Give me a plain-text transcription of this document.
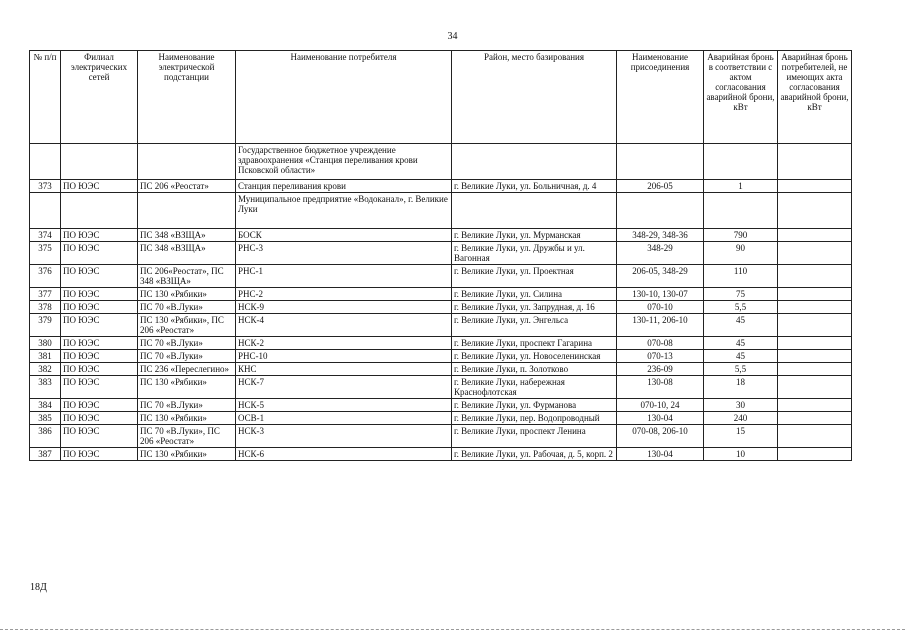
34
№ п/п	Филиал электрических сетей	Наименование электрической подстанции	Наименование потребителя	Район, место базирования	Наименование присоединения	Аварийная бронь в соответствии с актом согласования аварийной брони, кВт	Аварийная бронь потребителей, не имеющих акта согласования аварийной брони, кВт
			Государственное бюджетное учреждение здравоохранения «Станция переливания крови Псковской области»				
373	ПО ЮЭС	ПС 206 «Реостат»	Станция переливания крови	г. Великие Луки, ул. Больничная, д. 4	206-05	1	
			Муниципальное предприятие «Водоканал», г. Великие Луки				
374	ПО ЮЭС	ПС 348 «ВЗЩА»	БОСК	г. Великие Луки, ул. Мурманская	348-29, 348-36	790	
375	ПО ЮЭС	ПС 348 «ВЗЩА»	РНС-3	г. Великие Луки, ул. Дружбы и ул. Вагонная	348-29	90	
376	ПО ЮЭС	ПС 206«Реостат», ПС 348 «ВЗЩА»	РНС-1	г. Великие Луки, ул. Проектная	206-05, 348-29	110	
377	ПО ЮЭС	ПС 130 «Рябики»	РНС-2	г. Великие Луки, ул. Силина	130-10, 130-07	75	
378	ПО ЮЭС	ПС 70 «В.Луки»	НСК-9	г. Великие Луки, ул. Запрудная, д. 16	070-10	5,5	
379	ПО ЮЭС	ПС 130 «Рябики», ПС 206 «Реостат»	НСК-4	г. Великие Луки, ул. Энгельса	130-11, 206-10	45	
380	ПО ЮЭС	ПС 70 «В.Луки»	НСК-2	г. Великие Луки, проспект Гагарина	070-08	45	
381	ПО ЮЭС	ПС 70 «В.Луки»	РНС-10	г. Великие Луки, ул. Новоселенинская	070-13	45	
382	ПО ЮЭС	ПС 236 «Переслегино»	КНС	г. Великие Луки, п. Золотково	236-09	5,5	
383	ПО ЮЭС	ПС 130 «Рябики»	НСК-7	г. Великие Луки, набережная Краснофлотская	130-08	18	
384	ПО ЮЭС	ПС 70 «В.Луки»	НСК-5	г. Великие Луки, ул. Фурманова	070-10, 24	30	
385	ПО ЮЭС	ПС 130 «Рябики»	ОСВ-1	г. Великие Луки, пер. Водопроводный	130-04	240	
386	ПО ЮЭС	ПС 70 «В.Луки», ПС 206 «Реостат»	НСК-3	г. Великие Луки, проспект Ленина	070-08, 206-10	15	
387	ПО ЮЭС	ПС 130 «Рябики»	НСК-6	г. Великие Луки, ул. Рабочая, д. 5, корп. 2	130-04	10	
18Д
